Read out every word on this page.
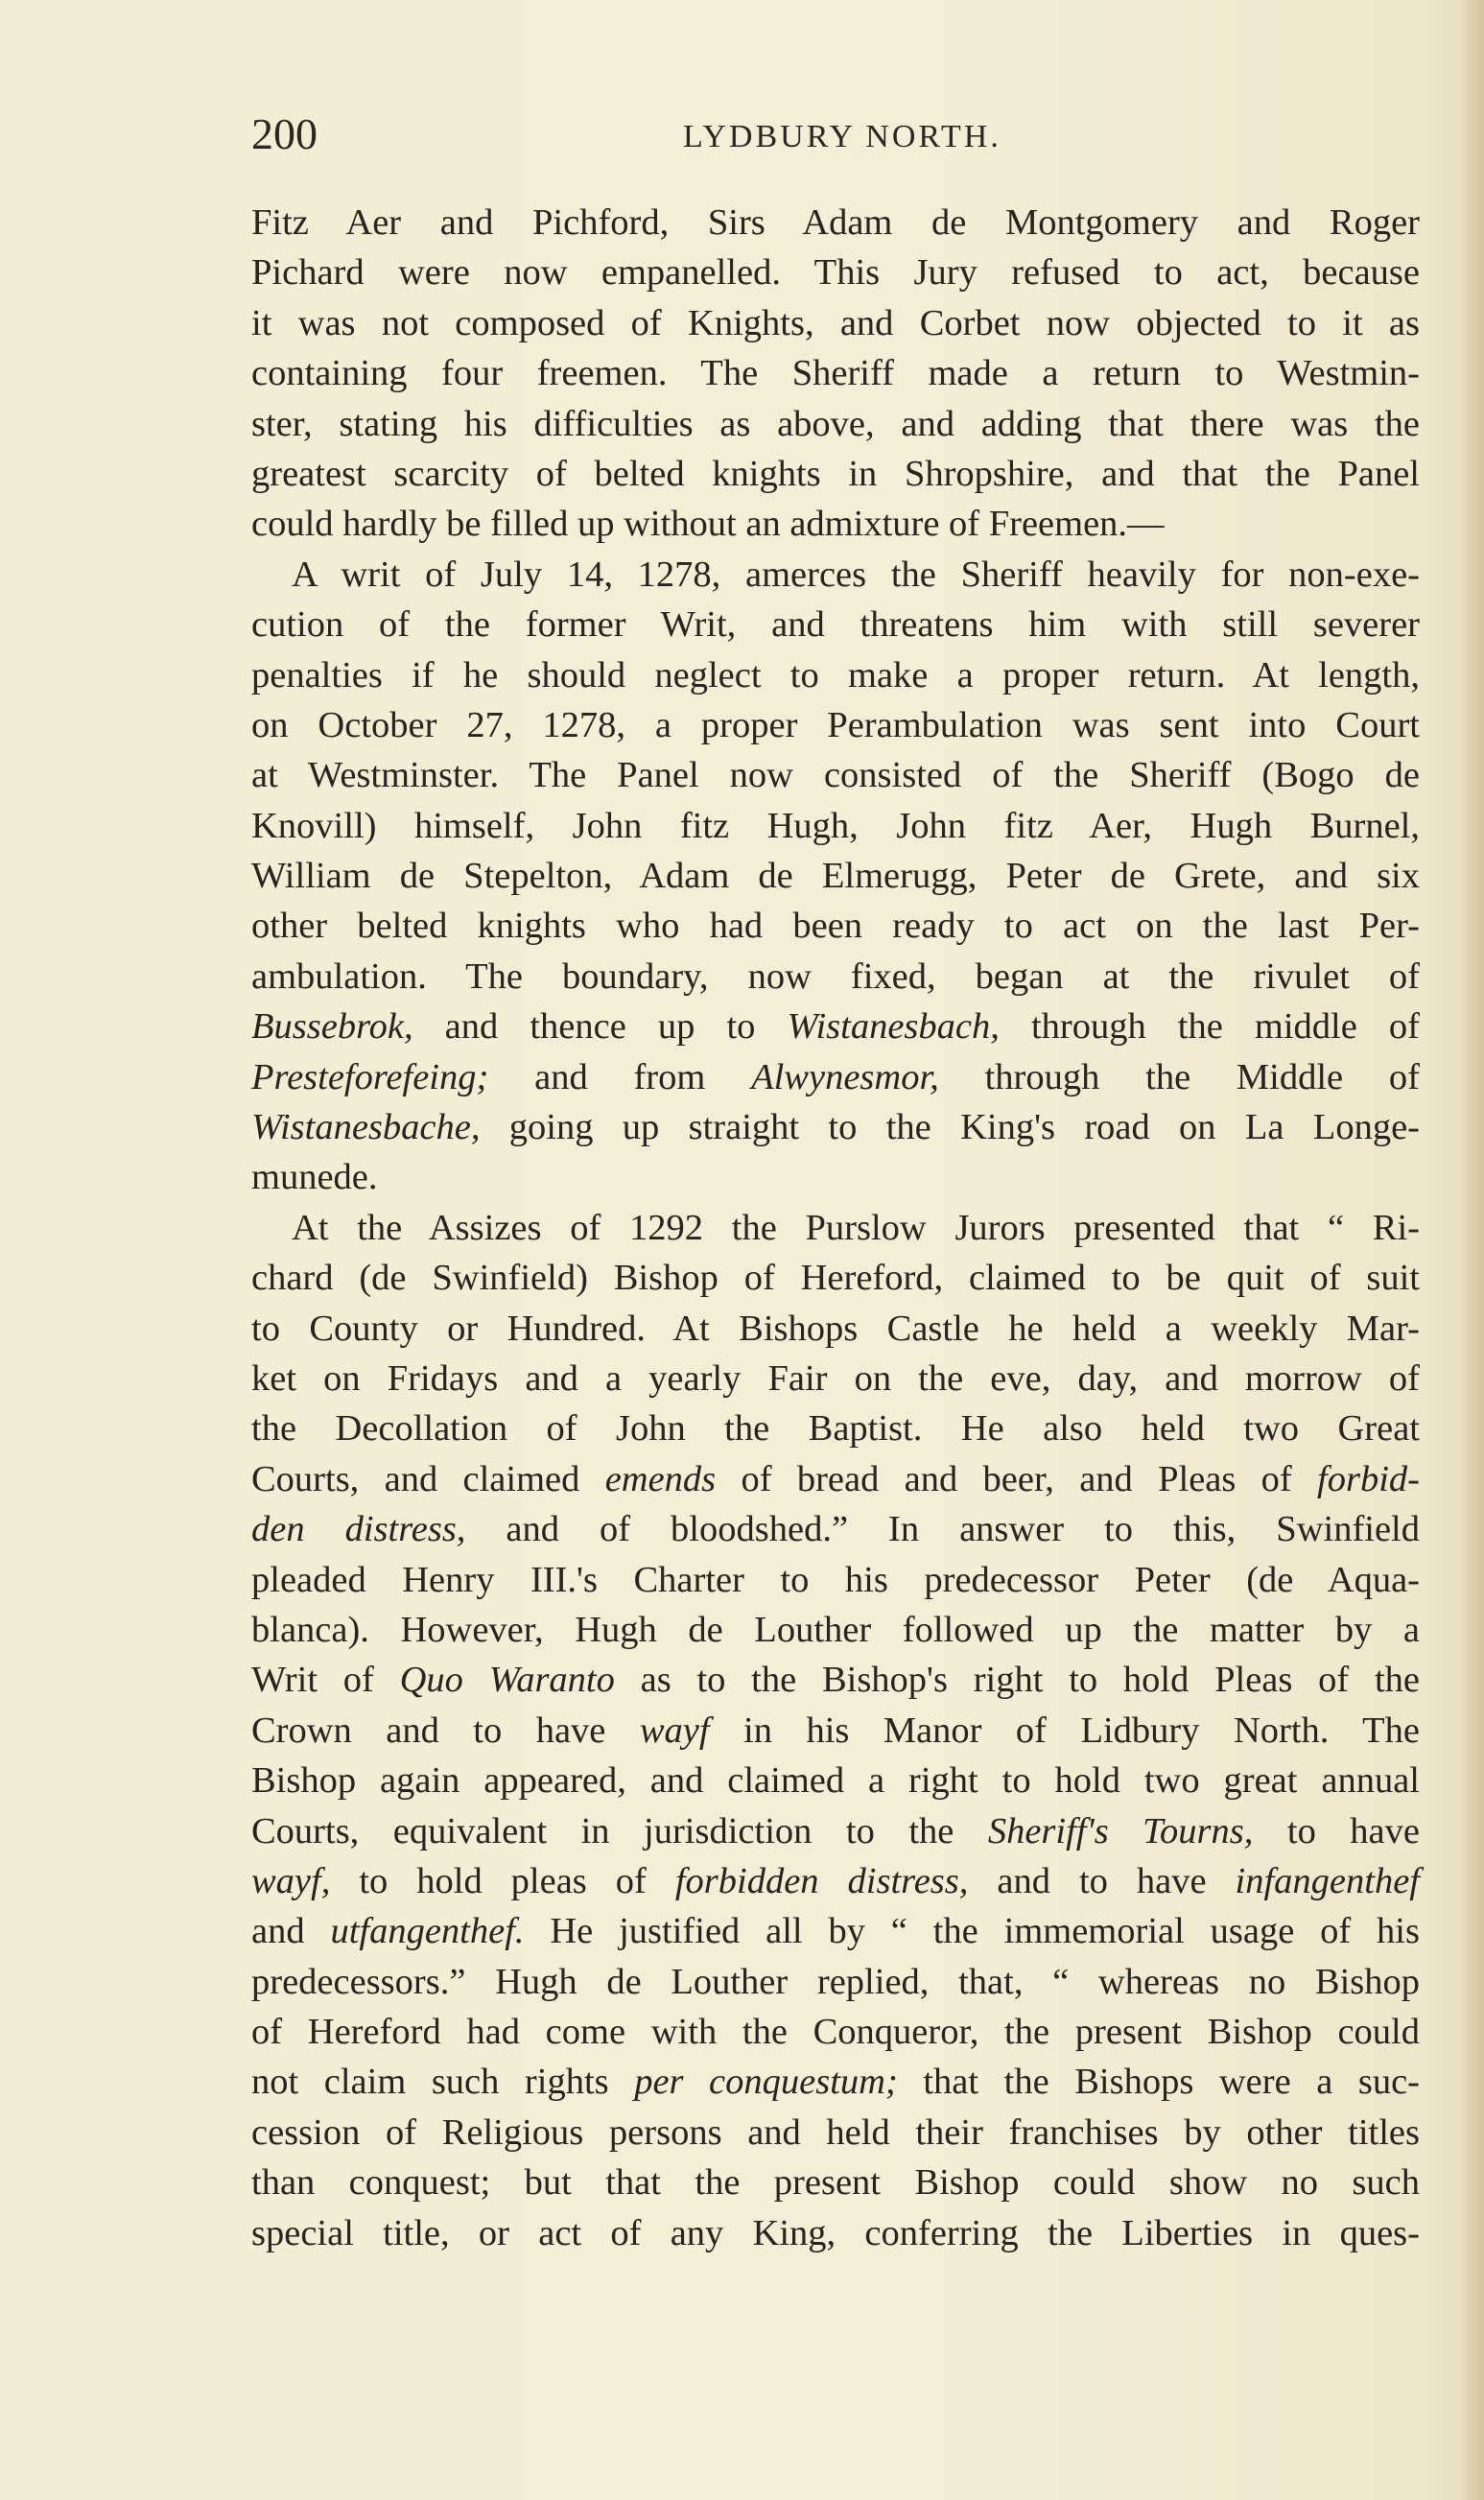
200	LYDBURY NORTH.
Fitz Aer and Pichford, Sirs Adam de Montgomery and Roger
Pichard were now empanelled. This Jury refused to act, because
it was not composed of Knights, and Corbet now objected to it as
containing four freemen. The Sheriff made a return to Westmin-
ster, stating his difficulties as above, and adding that there was the
greatest scarcity of belted knights in Shropshire, and that the Panel
could hardly be filled up without an admixture of Freemen.—
A writ of July 14, 1278, amerces the Sheriff heavily for non-exe-
cution of the former Writ, and threatens him with still severer
penalties if he should neglect to make a proper return. At length,
on October 27, 1278, a proper Perambulation was sent into Court
at Westminster. The Panel now consisted of the Sheriff (Bogo de
Knovill) himself, John fitz Hugh, John fitz Aer, Hugh Burnel,
William de Stepelton, Adam de Elmerugg, Peter de Grete, and six
other belted knights who had been ready to act on the last Per-
ambulation. The boundary, now fixed, began at the rivulet of
Bussebrok, and thence up to Wistanesbach, through the middle of
Presteforefeing; and from Alwynesmor, through the Middle of
Wistanesbache, going up straight to the King's road on La Longe-
munede.
At the Assizes of 1292 the Purslow Jurors presented that “ Ri-
chard (de Swinfield) Bishop of Hereford, claimed to be quit of suit
to County or Hundred. At Bishops Castle he held a weekly Mar-
ket on Fridays and a yearly Fair on the eve, day, and morrow of
the Decollation of John the Baptist. He also held two Great
Courts, and claimed emends of bread and beer, and Pleas of forbid-
den distress, and of bloodshed.” In answer to this, Swinfield
pleaded Henry III.'s Charter to his predecessor Peter (de Aqua-
blanca). However, Hugh de Louther followed up the matter by a
Writ of Quo Waranto as to the Bishop's right to hold Pleas of the
Crown and to have wayf in his Manor of Lidbury North. The
Bishop again appeared, and claimed a right to hold two great annual
Courts, equivalent in jurisdiction to the Sheriff's Tourns, to have
wayf, to hold pleas of forbidden distress, and to have infangenthef
and utfangenthef. He justified all by “ the immemorial usage of his
predecessors.” Hugh de Louther replied, that, “ whereas no Bishop
of Hereford had come with the Conqueror, the present Bishop could
not claim such rights per conquestum; that the Bishops were a suc-
cession of Religious persons and held their franchises by other titles
than conquest; but that the present Bishop could show no such
special title, or act of any King, conferring the Liberties in ques-
